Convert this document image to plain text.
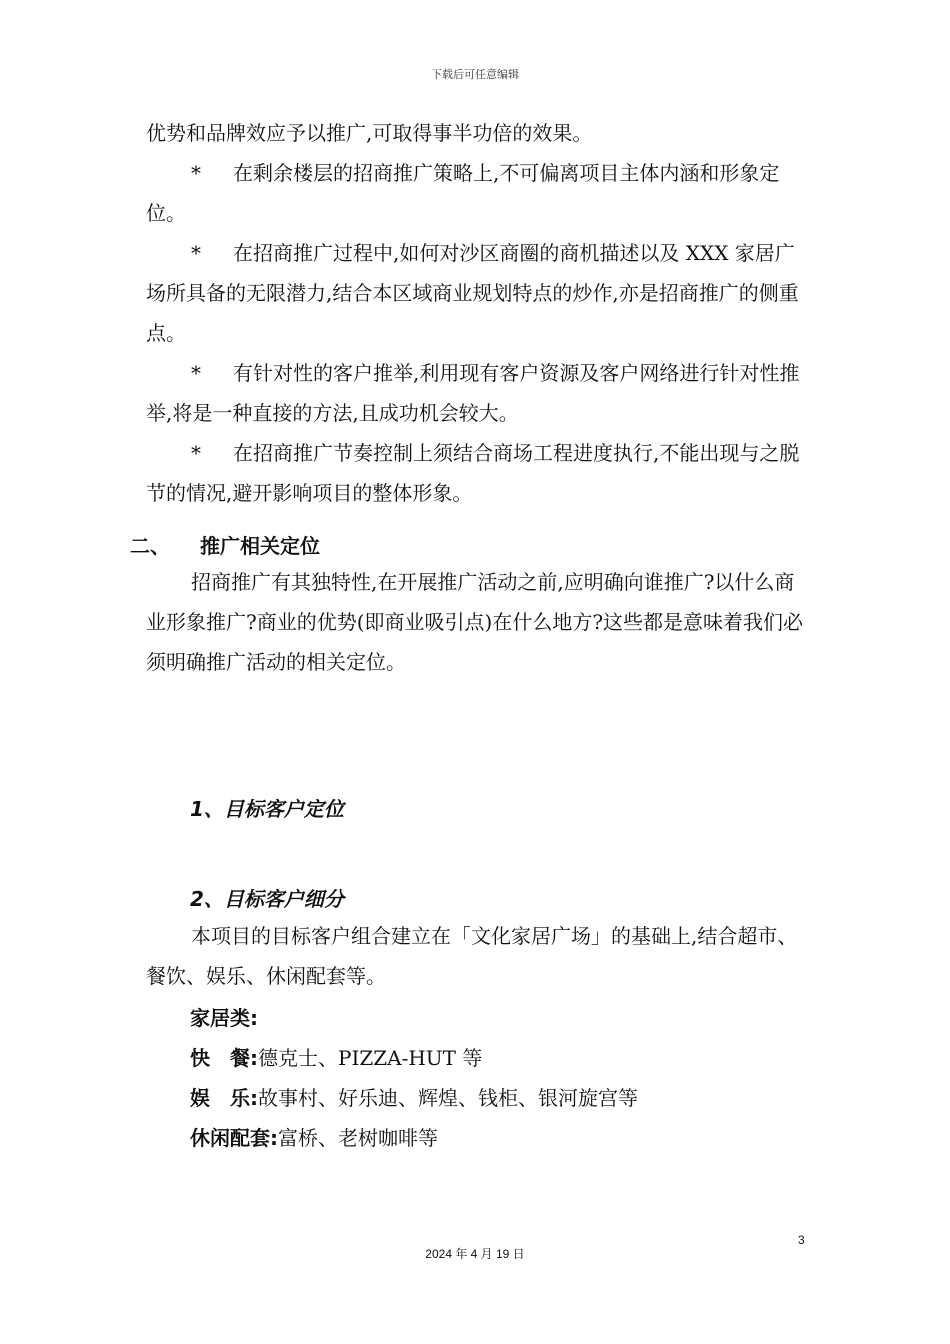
下载后可任意编辑

优势和品牌效应予以推广,可取得事半功倍的效果。

* 在剩余楼层的招商推广策略上,不可偏离项目主体内涵和形象定位。

* 在招商推广过程中,如何对沙区商圈的商机描述以及 XXX 家居广场所具备的无限潜力,结合本区域商业规划特点的炒作,亦是招商推广的侧重点。

* 有针对性的客户推举,利用现有客户资源及客户网络进行针对性推举,将是一种直接的方法,且成功机会较大。

* 在招商推广节奏控制上须结合商场工程进度执行,不能出现与之脱节的情况,避开影响项目的整体形象。

二、 推广相关定位

招商推广有其独特性,在开展推广活动之前,应明确向谁推广?以什么商业形象推广?商业的优势(即商业吸引点)在什么地方?这些都是意味着我们必须明确推广活动的相关定位。

1、目标客户定位
2、目标客户细分

本项目的目标客户组合建立在「文化家居广场」的基础上,结合超市、餐饮、娱乐、休闲配套等。

家居类:
快　餐:德克士、PIZZA-HUT 等
娱　乐:故事村、好乐迪、辉煌、钱柜、银河旋宫等
休闲配套:富桥、老树咖啡等
3
2024 年 4 月 19 日
